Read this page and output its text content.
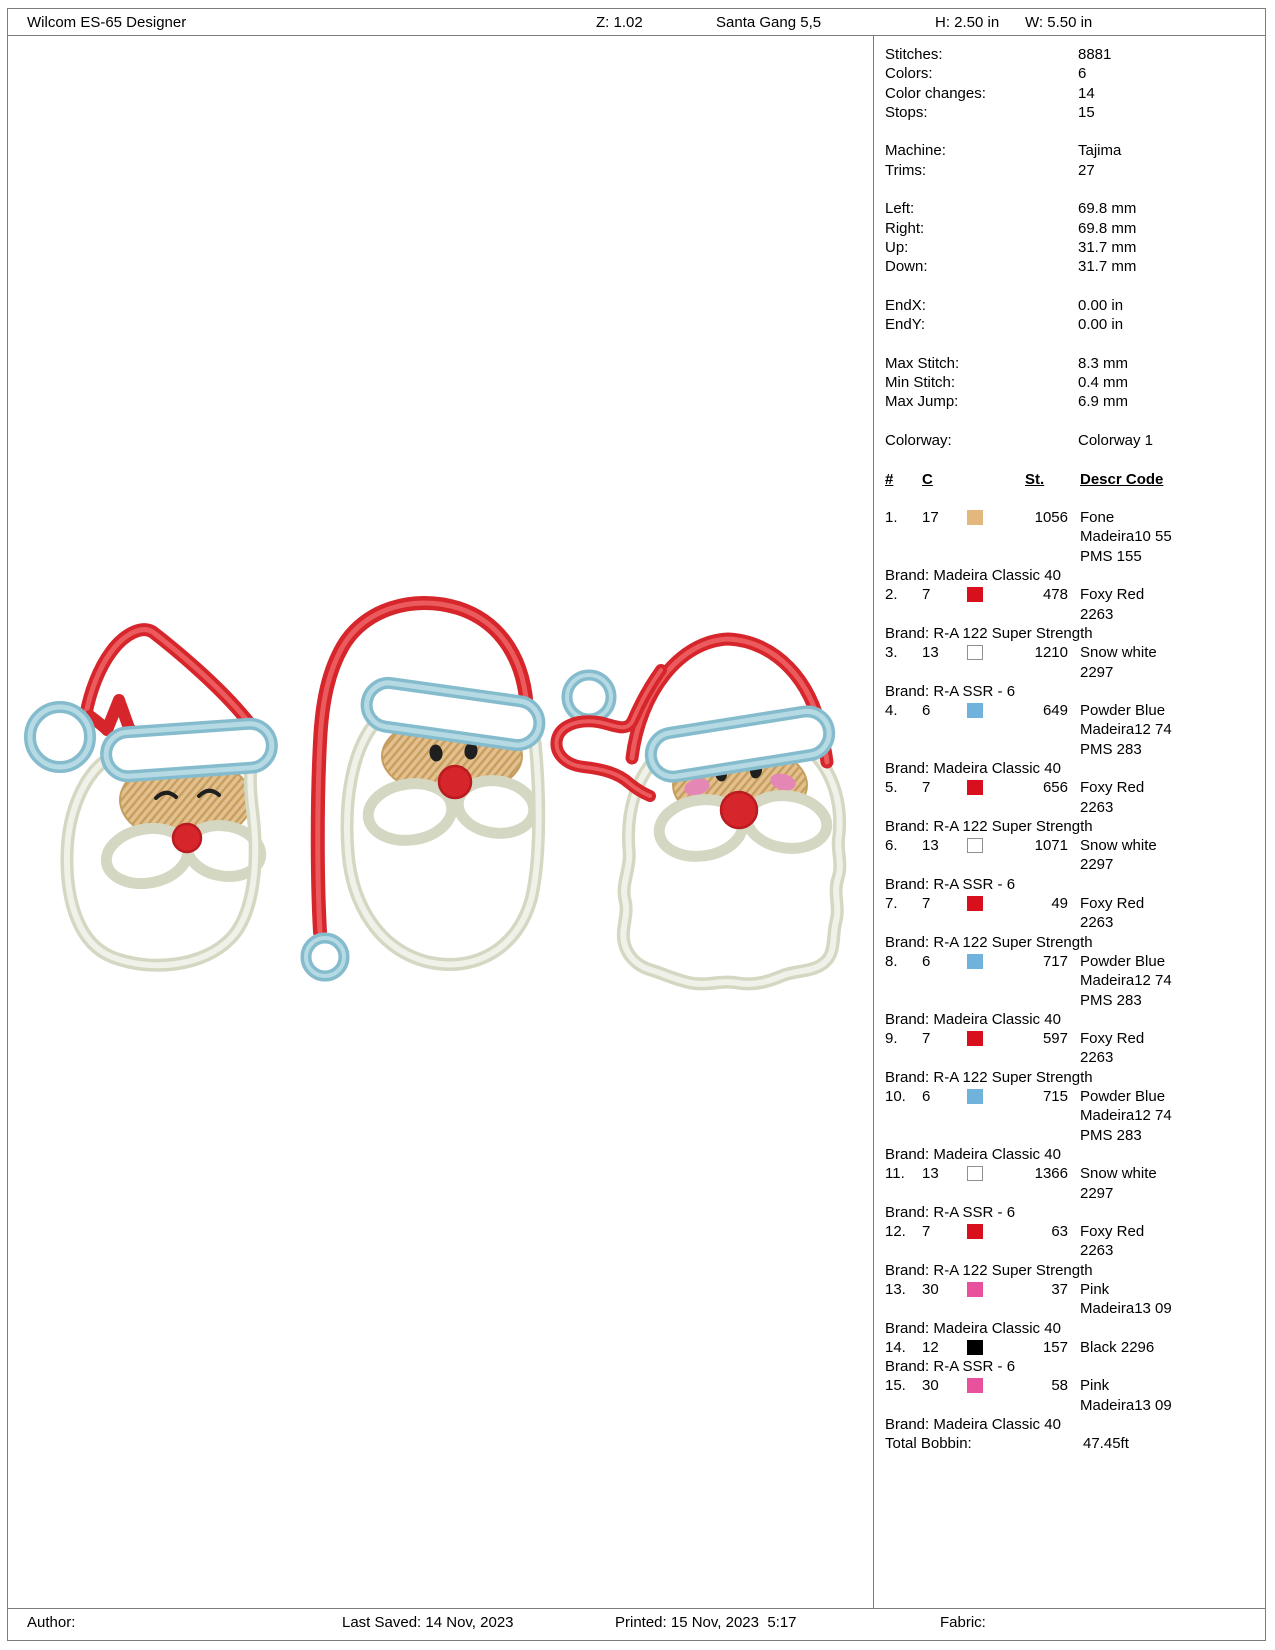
Wilcom ES-65 Designer	Z: 1.02	Santa Gang 5,5	H: 2.50 in W: 5.50 in
Stitches:	8881
Colors:	6
Color changes:	14
Stops:	15
Machine:	Tajima
Trims:	27
Left:	69.8 mm
Right:	69.8 mm
Up:	31.7 mm
Down:	31.7 mm
EndX:	0.00 in
EndY:	0.00 in
Max Stitch:	8.3 mm
Min Stitch:	0.4 mm
Max Jump:	6.9 mm
Colorway:	Colorway 1
# C	St. Descr Code
1. 17	1056 Fone
Madeira10 55
PMS 155
Brand: Madeira Classic 40
2. 7	478 Foxy Red
2263
Brand: R-A 122 Super Strength
3. 13	1210 Snow white
2297
Brand: R-A SSR - 6
4. 6	649 Powder Blue
Madeira12 74
PMS 283
Brand: Madeira Classic 40
5. 7	656 Foxy Red
2263
Brand: R-A 122 Super Strength
6. 13	1071 Snow white
2297
Brand: R-A SSR - 6
7. 7	49 Foxy Red
2263
Brand: R-A 122 Super Strength
8. 6	717 Powder Blue
Madeira12 74
PMS 283
Brand: Madeira Classic 40
9. 7	597 Foxy Red
2263
Brand: R-A 122 Super Strength
10. 6	715 Powder Blue
Madeira12 74
PMS 283
Brand: Madeira Classic 40
11. 13	1366 Snow white
2297
Brand: R-A SSR - 6
12. 7	63 Foxy Red
2263
Brand: R-A 122 Super Strength
13. 30	37 Pink
Madeira13 09
Brand: Madeira Classic 40
14. 12	157 Black 2296
Brand: R-A SSR - 6
15. 30	58 Pink
Madeira13 09
Brand: Madeira Classic 40
Total Bobbin:	47.45ft
Author:	Last Saved: 14 Nov, 2023	Printed: 15 Nov, 2023  5:17	Fabric:
